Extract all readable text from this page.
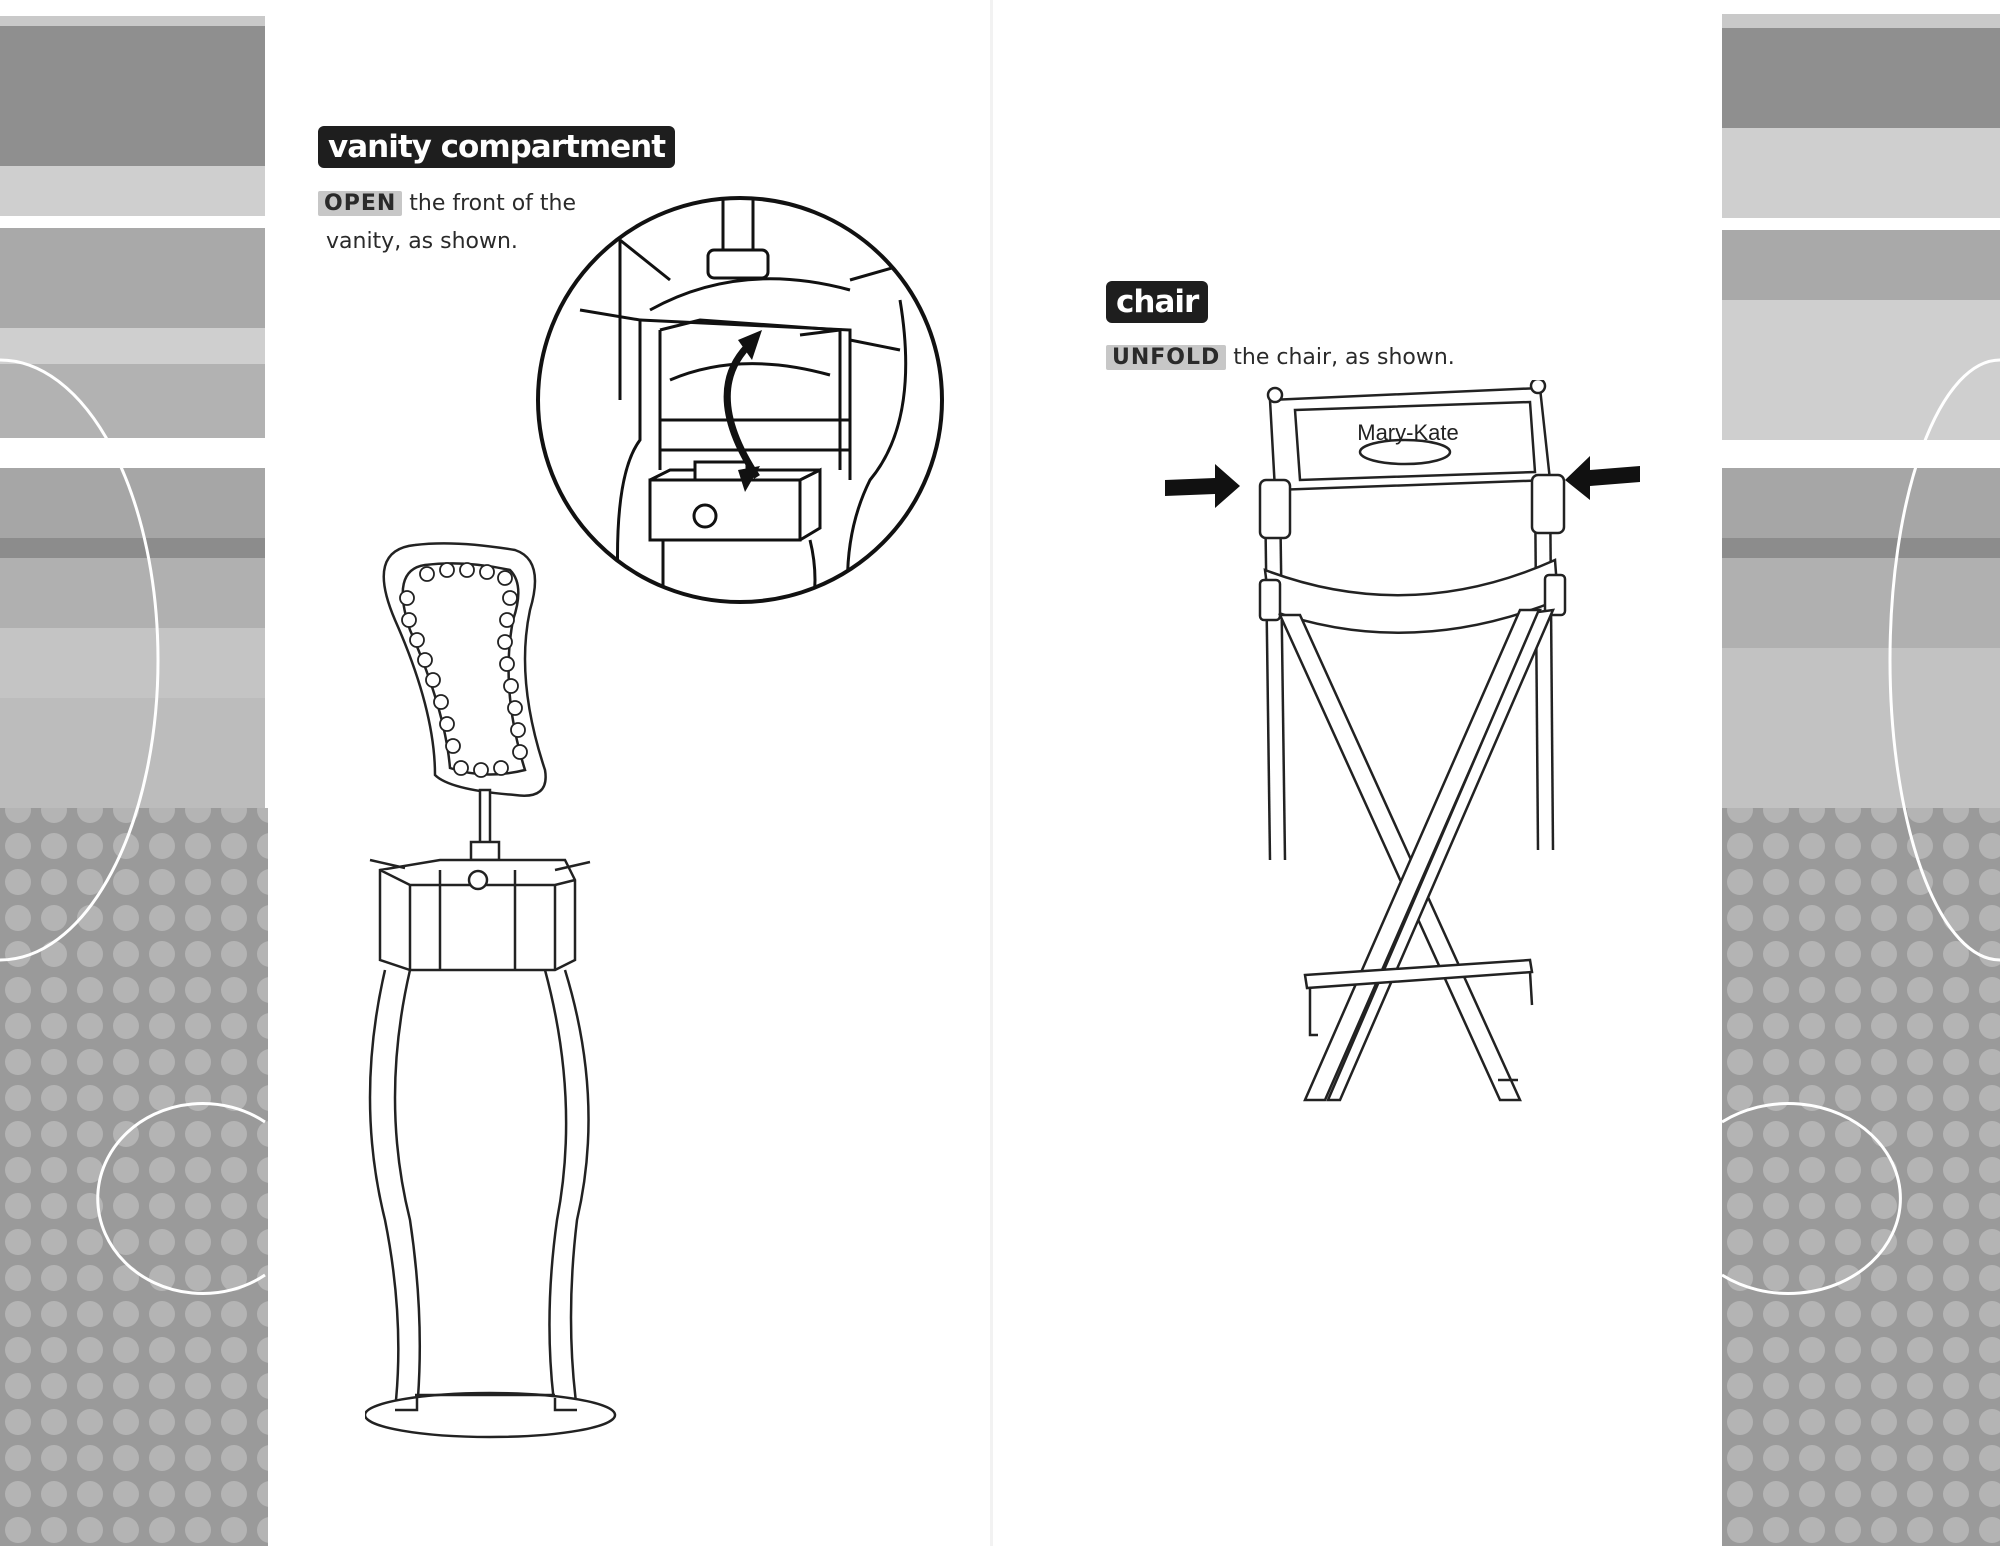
vanity compartment
OPEN the front of the
vanity, as shown.
chair
UNFOLD the chair, as shown.
Mary-Kate
